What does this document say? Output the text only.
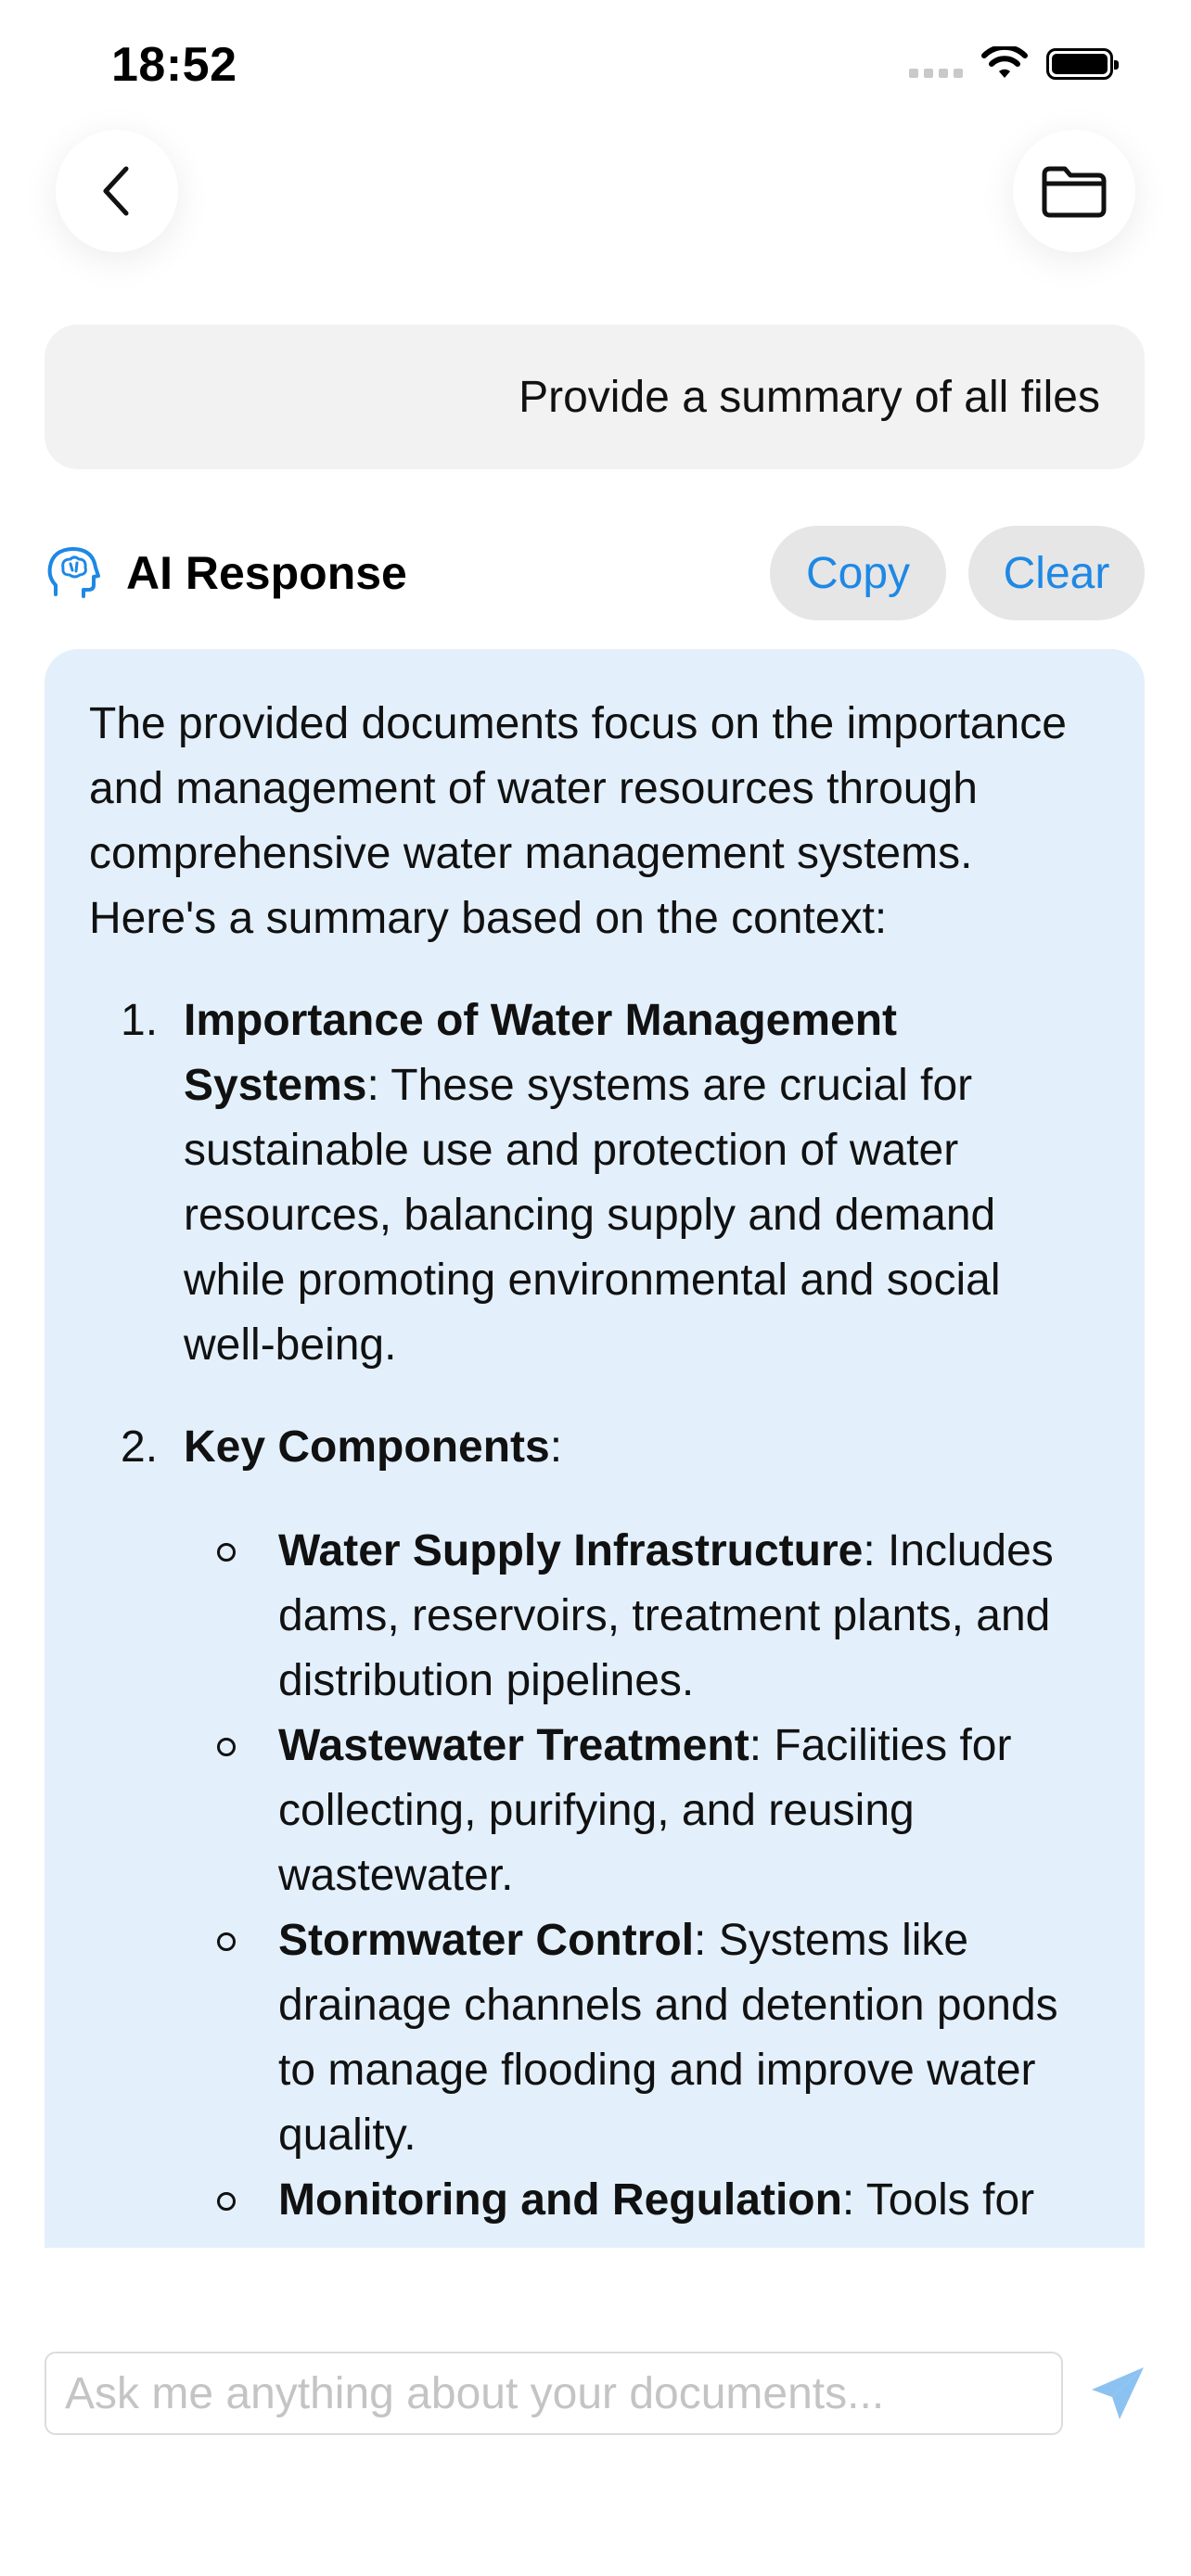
18:52
Provide a summary of all files
AI Response	Copy	Clear

The provided documents focus on the importance and management of water resources through comprehensive water management systems. Here's a summary based on the context:

1. Importance of Water Management Systems: These systems are crucial for sustainable use and protection of water resources, balancing supply and demand while promoting environmental and social well-being.
2. Key Components:
Water Supply Infrastructure: Includes dams, reservoirs, treatment plants, and distribution pipelines.
Wastewater Treatment: Facilities for collecting, purifying, and reusing wastewater.
Stormwater Control: Systems like drainage channels and detention ponds to manage flooding and improve water quality.
Monitoring and Regulation: Tools for
Ask me anything about your documents...
